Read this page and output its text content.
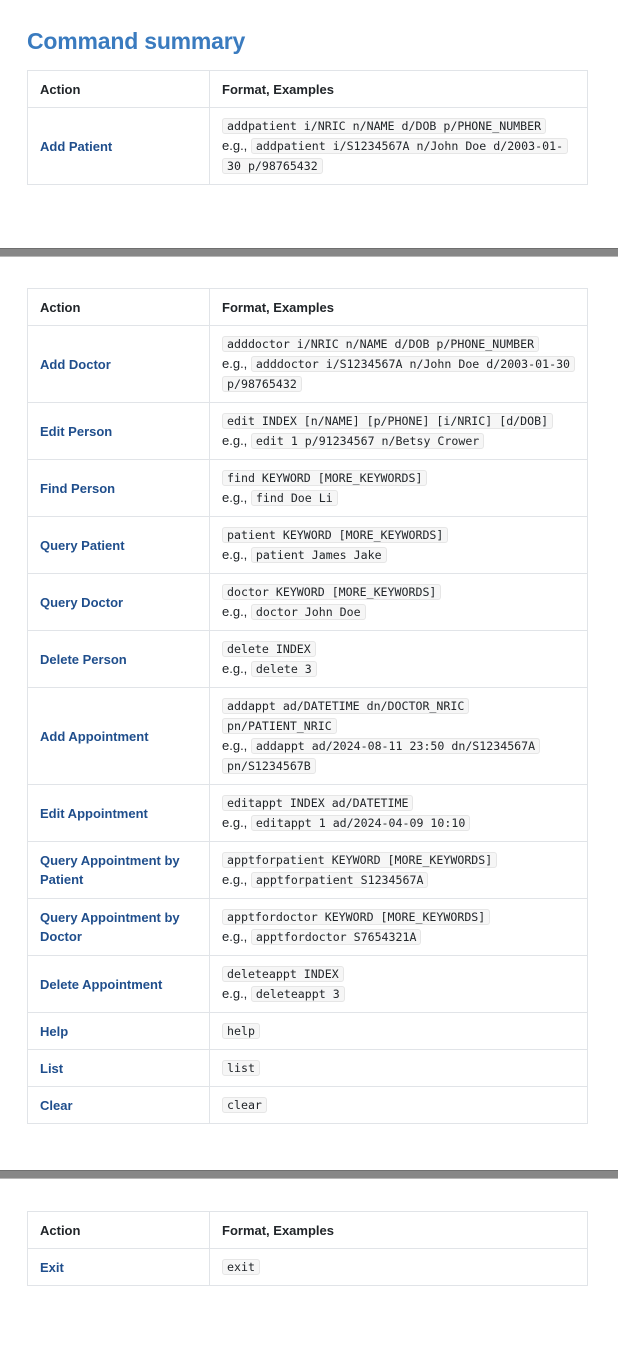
Command summary
Action	Format, Examples
Add Patient	addpatient i/NRIC n/NAME d/DOB p/PHONE_NUMBER
e.g., addpatient i/S1234567A n/John Doe d/2003-01-30 p/98765432
Action	Format, Examples
Add Doctor	adddoctor i/NRIC n/NAME d/DOB p/PHONE_NUMBER
e.g., adddoctor i/S1234567A n/John Doe d/2003-01-30 p/98765432
Edit Person	edit INDEX [n/NAME] [p/PHONE] [i/NRIC] [d/DOB]
e.g., edit 1 p/91234567 n/Betsy Crower
Find Person	find KEYWORD [MORE_KEYWORDS]
e.g., find Doe Li
Query Patient	patient KEYWORD [MORE_KEYWORDS]
e.g., patient James Jake
Query Doctor	doctor KEYWORD [MORE_KEYWORDS]
e.g., doctor John Doe
Delete Person	delete INDEX
e.g., delete 3
Add Appointment	addappt ad/DATETIME dn/DOCTOR_NRIC pn/PATIENT_NRIC
e.g., addappt ad/2024-08-11 23:50 dn/S1234567A pn/S1234567B
Edit Appointment	editappt INDEX ad/DATETIME
e.g., editappt 1 ad/2024-04-09 10:10
Query Appointment by Patient	apptforpatient KEYWORD [MORE_KEYWORDS]
e.g., apptforpatient S1234567A
Query Appointment by Doctor	apptfordoctor KEYWORD [MORE_KEYWORDS]
e.g., apptfordoctor S7654321A
Delete Appointment	deleteappt INDEX
e.g., deleteappt 3
Help	help
List	list
Clear	clear
Action	Format, Examples
Exit	exit
